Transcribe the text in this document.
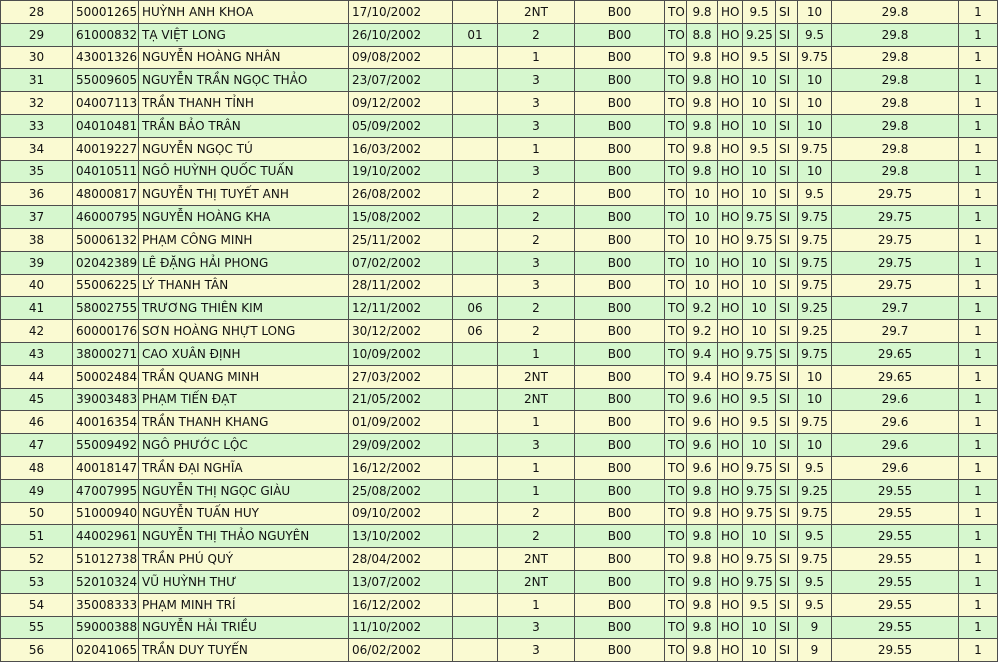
28	50001265	HUỲNH ANH KHOA	17/10/2002		2NT	B00	TO	9.8	HO	9.5	SI	10	29.8	1
29	61000832	TẠ VIỆT LONG	26/10/2002	01	2	B00	TO	8.8	HO	9.25	SI	9.5	29.8	1
30	43001326	NGUYỄN HOÀNG NHÂN	09/08/2002		1	B00	TO	9.8	HO	9.5	SI	9.75	29.8	1
31	55009605	NGUYỄN TRẦN NGỌC THẢO	23/07/2002		3	B00	TO	9.8	HO	10	SI	10	29.8	1
32	04007113	TRẦN THANH TỈNH	09/12/2002		3	B00	TO	9.8	HO	10	SI	10	29.8	1
33	04010481	TRẦN BẢO TRÂN	05/09/2002		3	B00	TO	9.8	HO	10	SI	10	29.8	1
34	40019227	NGUYỄN NGỌC TÚ	16/03/2002		1	B00	TO	9.8	HO	9.5	SI	9.75	29.8	1
35	04010511	NGÔ HUỲNH QUỐC TUẤN	19/10/2002		3	B00	TO	9.8	HO	10	SI	10	29.8	1
36	48000817	NGUYỄN THỊ TUYẾT ANH	26/08/2002		2	B00	TO	10	HO	10	SI	9.5	29.75	1
37	46000795	NGUYỄN HOÀNG KHA	15/08/2002		2	B00	TO	10	HO	9.75	SI	9.75	29.75	1
38	50006132	PHẠM CÔNG MINH	25/11/2002		2	B00	TO	10	HO	9.75	SI	9.75	29.75	1
39	02042389	LÊ ĐẶNG HẢI PHONG	07/02/2002		3	B00	TO	10	HO	10	SI	9.75	29.75	1
40	55006225	LÝ THANH TÂN	28/11/2002		3	B00	TO	10	HO	10	SI	9.75	29.75	1
41	58002755	TRƯƠNG THIÊN KIM	12/11/2002	06	2	B00	TO	9.2	HO	10	SI	9.25	29.7	1
42	60000176	SƠN HOÀNG NHỰT LONG	30/12/2002	06	2	B00	TO	9.2	HO	10	SI	9.25	29.7	1
43	38000271	CAO XUÂN ĐỊNH	10/09/2002		1	B00	TO	9.4	HO	9.75	SI	9.75	29.65	1
44	50002484	TRẦN QUANG MINH	27/03/2002		2NT	B00	TO	9.4	HO	9.75	SI	10	29.65	1
45	39003483	PHẠM TIẾN ĐẠT	21/05/2002		2NT	B00	TO	9.6	HO	9.5	SI	10	29.6	1
46	40016354	TRẦN THANH KHANG	01/09/2002		1	B00	TO	9.6	HO	9.5	SI	9.75	29.6	1
47	55009492	NGÔ PHƯỚC LỘC	29/09/2002		3	B00	TO	9.6	HO	10	SI	10	29.6	1
48	40018147	TRẦN ĐẠI NGHĨA	16/12/2002		1	B00	TO	9.6	HO	9.75	SI	9.5	29.6	1
49	47007995	NGUYỄN THỊ NGỌC GIÀU	25/08/2002		1	B00	TO	9.8	HO	9.75	SI	9.25	29.55	1
50	51000940	NGUYỄN TUẤN HUY	09/10/2002		2	B00	TO	9.8	HO	9.75	SI	9.75	29.55	1
51	44002961	NGUYỄN THỊ THẢO NGUYÊN	13/10/2002		2	B00	TO	9.8	HO	10	SI	9.5	29.55	1
52	51012738	TRẦN PHÚ QUÝ	28/04/2002		2NT	B00	TO	9.8	HO	9.75	SI	9.75	29.55	1
53	52010324	VŨ HUỲNH THƯ	13/07/2002		2NT	B00	TO	9.8	HO	9.75	SI	9.5	29.55	1
54	35008333	PHẠM MINH TRÍ	16/12/2002		1	B00	TO	9.8	HO	9.5	SI	9.5	29.55	1
55	59000388	NGUYỄN HẢI TRIỀU	11/10/2002		3	B00	TO	9.8	HO	10	SI	9	29.55	1
56	02041065	TRẦN DUY TUYẾN	06/02/2002		3	B00	TO	9.8	HO	10	SI	9	29.55	1
